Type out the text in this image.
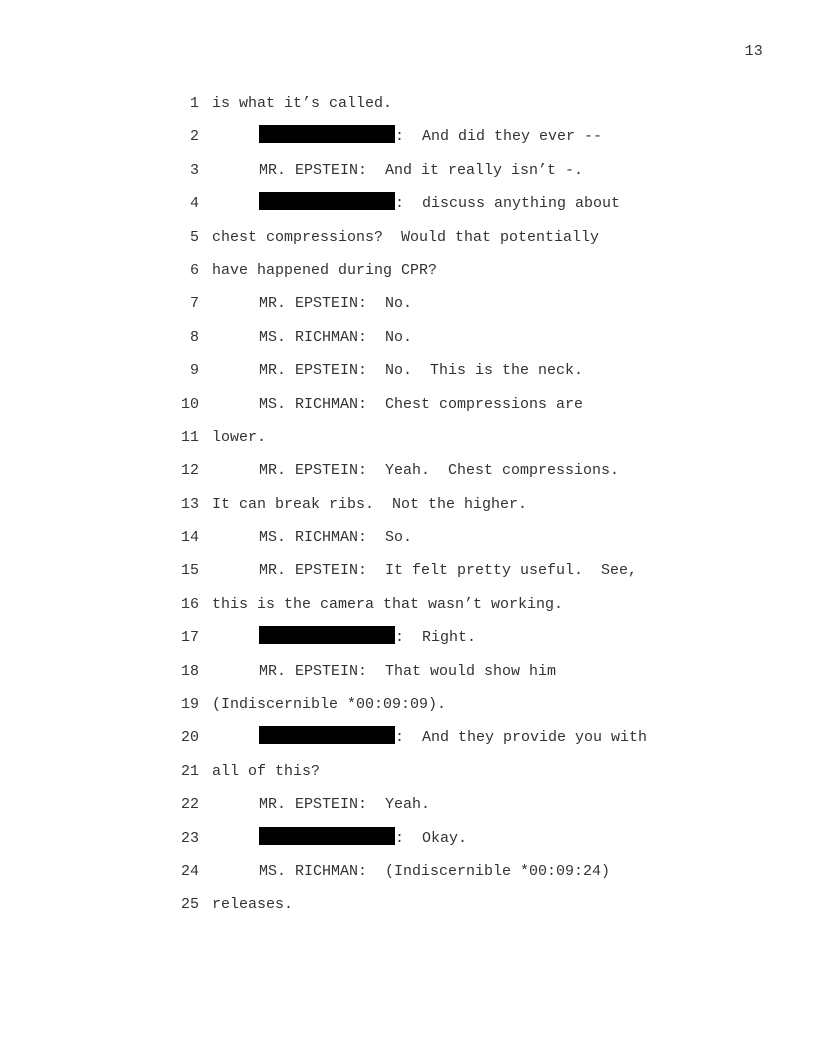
13
1 is what it’s called.
2	:  And did they ever --
3	MR. EPSTEIN:  And it really isn’t -.
4	:  discuss anything about
5 chest compressions?  Would that potentially
6 have happened during CPR?
7	MR. EPSTEIN:  No.
8	MS. RICHMAN:  No.
9	MR. EPSTEIN:  No.  This is the neck.
10	MS. RICHMAN:  Chest compressions are
11 lower.
12	MR. EPSTEIN:  Yeah.  Chest compressions.
13 It can break ribs.  Not the higher.
14	MS. RICHMAN:  So.
15	MR. EPSTEIN:  It felt pretty useful.  See,
16 this is the camera that wasn’t working.
17	:  Right.
18	MR. EPSTEIN:  That would show him
19 (Indiscernible *00:09:09).
20	:  And they provide you with
21 all of this?
22	MR. EPSTEIN:  Yeah.
23	:  Okay.
24	MS. RICHMAN:  (Indiscernible *00:09:24)
25 releases.
